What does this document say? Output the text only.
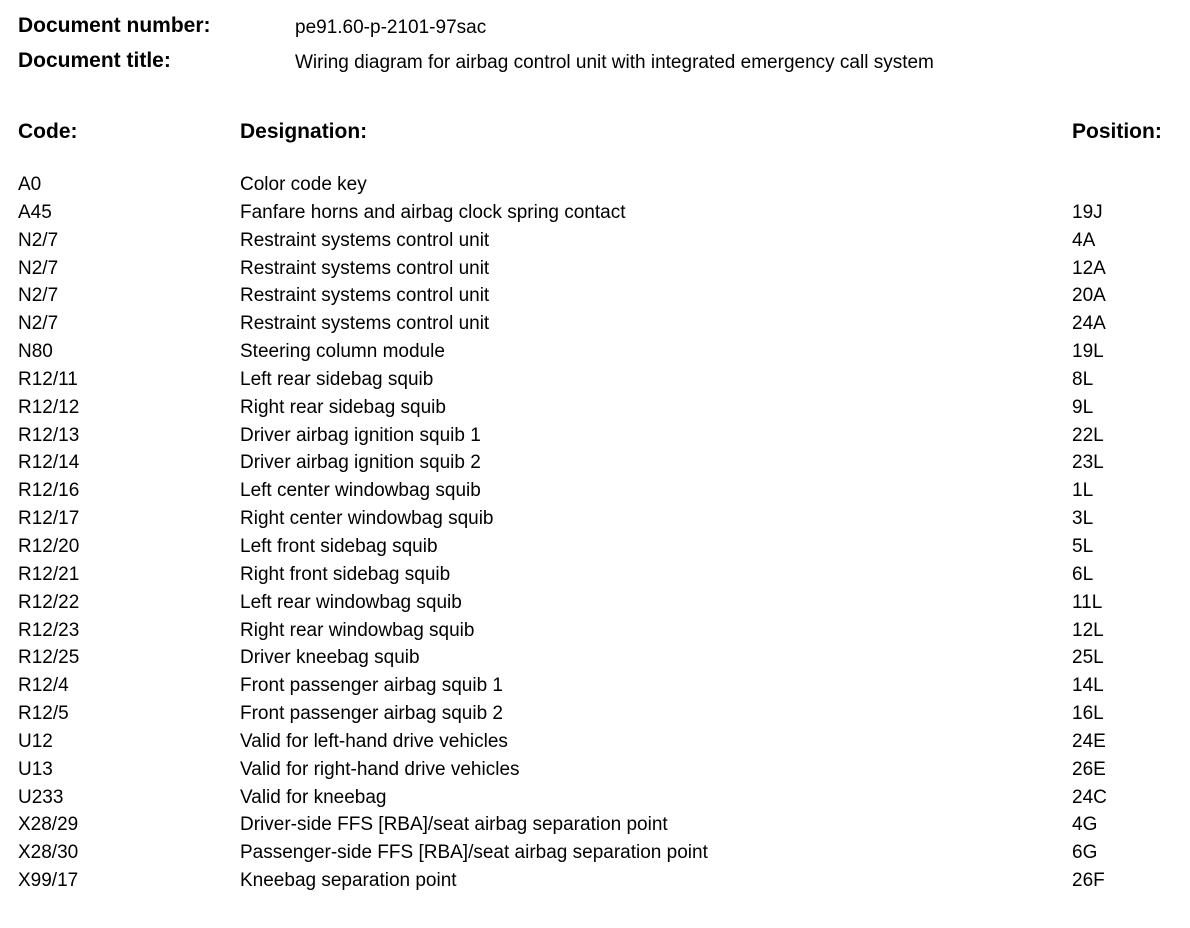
Document number:	pe91.60-p-2101-97sac
Document title:	Wiring diagram for airbag control unit with integrated emergency call system
Code:	Designation:	Position:
A0	Color code key
A45	Fanfare horns and airbag clock spring contact	19J
N2/7	Restraint systems control unit	4A
N2/7	Restraint systems control unit	12A
N2/7	Restraint systems control unit	20A
N2/7	Restraint systems control unit	24A
N80	Steering column module	19L
R12/11	Left rear sidebag squib	8L
R12/12	Right rear sidebag squib	9L
R12/13	Driver airbag ignition squib 1	22L
R12/14	Driver airbag ignition squib 2	23L
R12/16	Left center windowbag squib	1L
R12/17	Right center windowbag squib	3L
R12/20	Left front sidebag squib	5L
R12/21	Right front sidebag squib	6L
R12/22	Left rear windowbag squib	11L
R12/23	Right rear windowbag squib	12L
R12/25	Driver kneebag squib	25L
R12/4	Front passenger airbag squib 1	14L
R12/5	Front passenger airbag squib 2	16L
U12	Valid for left-hand drive vehicles	24E
U13	Valid for right-hand drive vehicles	26E
U233	Valid for kneebag	24C
X28/29	Driver-side FFS [RBA]/seat airbag separation point	4G
X28/30	Passenger-side FFS [RBA]/seat airbag separation point	6G
X99/17	Kneebag separation point	26F
